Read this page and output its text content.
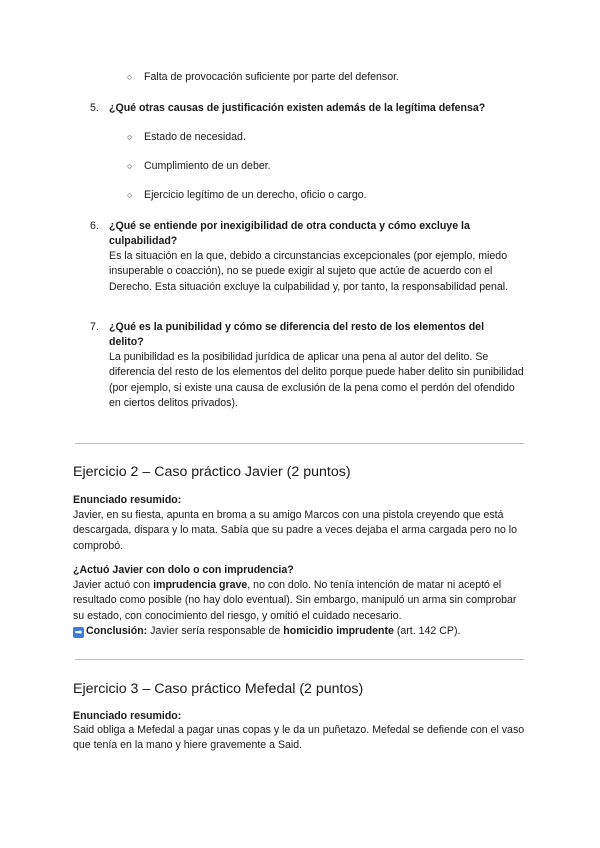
○ Falta de provocación suficiente por parte del defensor.
5. ¿Qué otras causas de justificación existen además de la legítima defensa?
○ Estado de necesidad.
○ Cumplimiento de un deber.
○ Ejercicio legítimo de un derecho, oficio o cargo.
6. ¿Qué se entiende por inexigibilidad de otra conducta y cómo excluye la culpabilidad?
Es la situación en la que, debido a circunstancias excepcionales (por ejemplo, miedo insuperable o coacción), no se puede exigir al sujeto que actúe de acuerdo con el Derecho. Esta situación excluye la culpabilidad y, por tanto, la responsabilidad penal.
7. ¿Qué es la punibilidad y cómo se diferencia del resto de los elementos del delito?
La punibilidad es la posibilidad jurídica de aplicar una pena al autor del delito. Se diferencia del resto de los elementos del delito porque puede haber delito sin punibilidad (por ejemplo, si existe una causa de exclusión de la pena como el perdón del ofendido en ciertos delitos privados).
Ejercicio 2 – Caso práctico Javier (2 puntos)
Enunciado resumido:
Javier, en su fiesta, apunta en broma a su amigo Marcos con una pistola creyendo que está descargada, dispara y lo mata. Sabía que su padre a veces dejaba el arma cargada pero no lo comprobó.
¿Actuó Javier con dolo o con imprudencia?
Javier actuó con imprudencia grave, no con dolo. No tenía intención de matar ni aceptó el resultado como posible (no hay dolo eventual). Sin embargo, manipuló un arma sin comprobar su estado, con conocimiento del riesgo, y omitió el cuidado necesario.
➡ Conclusión: Javier sería responsable de homicidio imprudente (art. 142 CP).
Ejercicio 3 – Caso práctico Mefedal (2 puntos)
Enunciado resumido:
Said obliga a Mefedal a pagar unas copas y le da un puñetazo. Mefedal se defiende con el vaso que tenía en la mano y hiere gravemente a Said.
